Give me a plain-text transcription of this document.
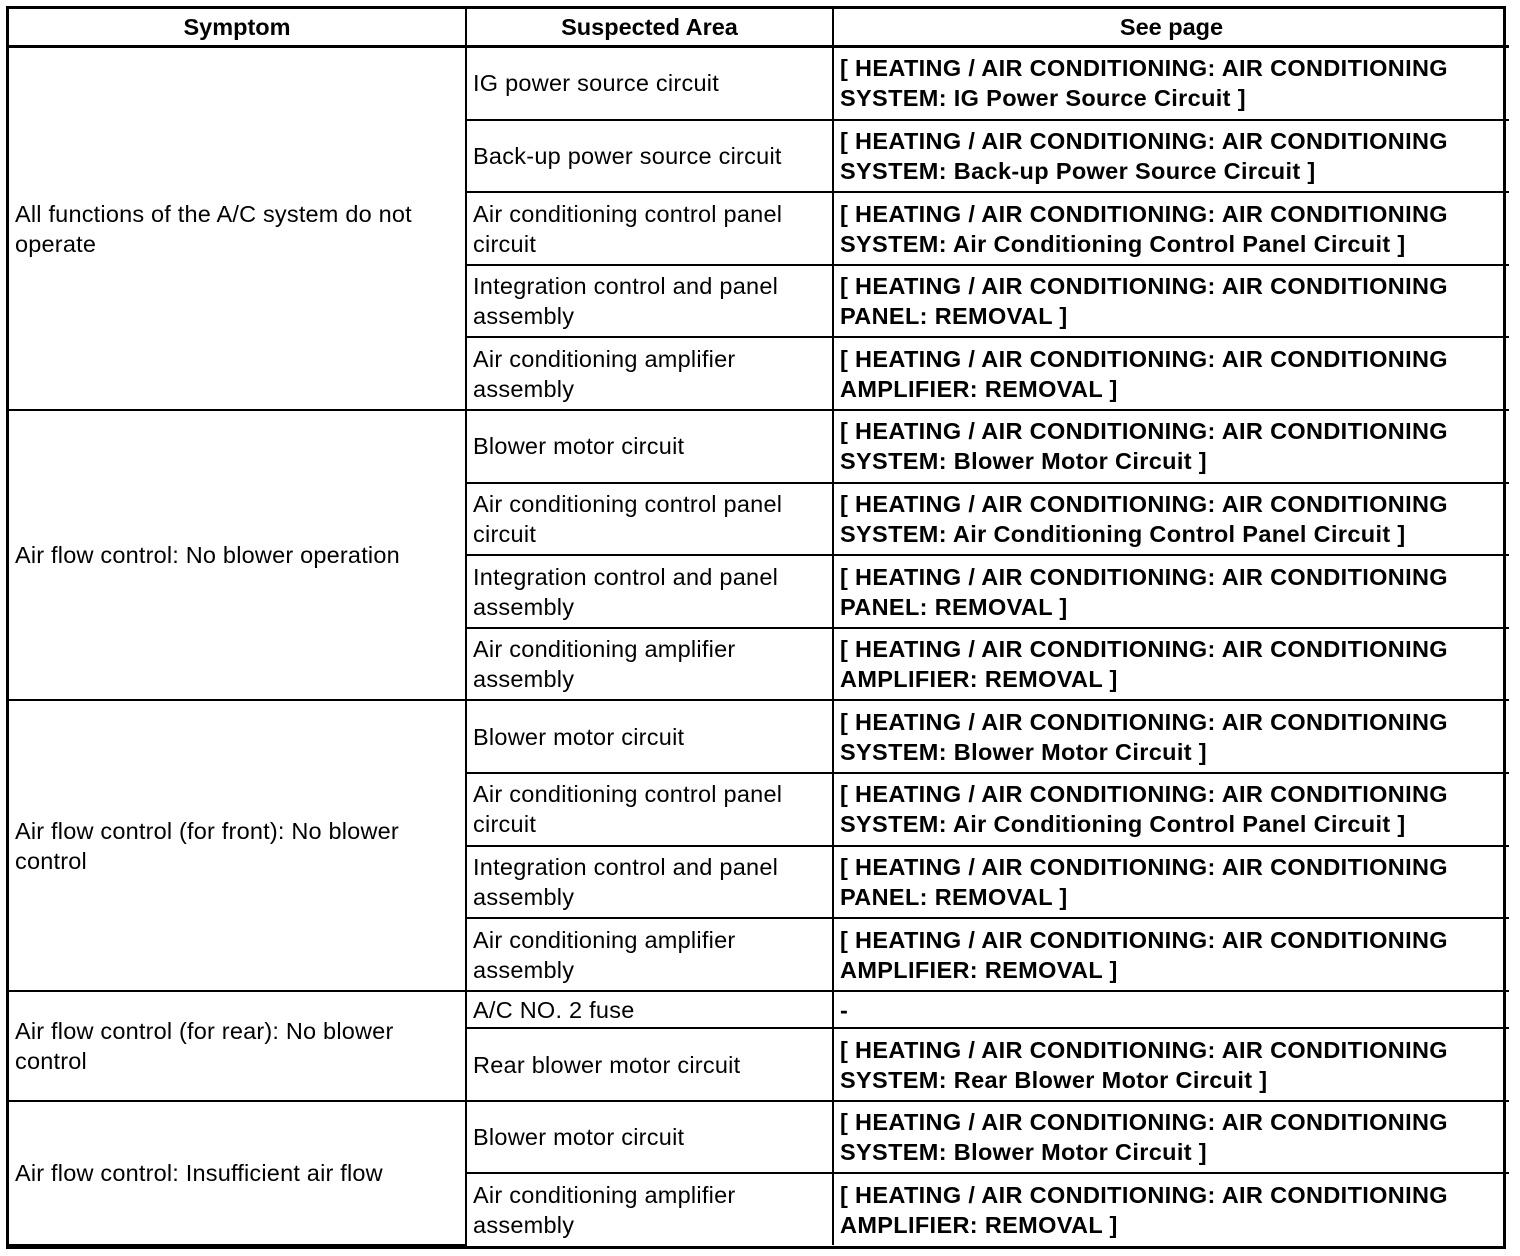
Symptom	Suspected Area	See page
All functions of the A/C system do not operate	IG power source circuit	[ HEATING / AIR CONDITIONING: AIR CONDITIONING SYSTEM: IG Power Source Circuit ]
	Back-up power source circuit	[ HEATING / AIR CONDITIONING: AIR CONDITIONING SYSTEM: Back-up Power Source Circuit ]
	Air conditioning control panel circuit	[ HEATING / AIR CONDITIONING: AIR CONDITIONING SYSTEM: Air Conditioning Control Panel Circuit ]
	Integration control and panel assembly	[ HEATING / AIR CONDITIONING: AIR CONDITIONING PANEL: REMOVAL ]
	Air conditioning amplifier assembly	[ HEATING / AIR CONDITIONING: AIR CONDITIONING AMPLIFIER: REMOVAL ]
Air flow control: No blower operation	Blower motor circuit	[ HEATING / AIR CONDITIONING: AIR CONDITIONING SYSTEM: Blower Motor Circuit ]
	Air conditioning control panel circuit	[ HEATING / AIR CONDITIONING: AIR CONDITIONING SYSTEM: Air Conditioning Control Panel Circuit ]
	Integration control and panel assembly	[ HEATING / AIR CONDITIONING: AIR CONDITIONING PANEL: REMOVAL ]
	Air conditioning amplifier assembly	[ HEATING / AIR CONDITIONING: AIR CONDITIONING AMPLIFIER: REMOVAL ]
Air flow control (for front): No blower control	Blower motor circuit	[ HEATING / AIR CONDITIONING: AIR CONDITIONING SYSTEM: Blower Motor Circuit ]
	Air conditioning control panel circuit	[ HEATING / AIR CONDITIONING: AIR CONDITIONING SYSTEM: Air Conditioning Control Panel Circuit ]
	Integration control and panel assembly	[ HEATING / AIR CONDITIONING: AIR CONDITIONING PANEL: REMOVAL ]
	Air conditioning amplifier assembly	[ HEATING / AIR CONDITIONING: AIR CONDITIONING AMPLIFIER: REMOVAL ]
Air flow control (for rear): No blower control	A/C NO. 2 fuse	-
	Rear blower motor circuit	[ HEATING / AIR CONDITIONING: AIR CONDITIONING SYSTEM: Rear Blower Motor Circuit ]
Air flow control: Insufficient air flow	Blower motor circuit	[ HEATING / AIR CONDITIONING: AIR CONDITIONING SYSTEM: Blower Motor Circuit ]
	Air conditioning amplifier assembly	[ HEATING / AIR CONDITIONING: AIR CONDITIONING AMPLIFIER: REMOVAL ]
